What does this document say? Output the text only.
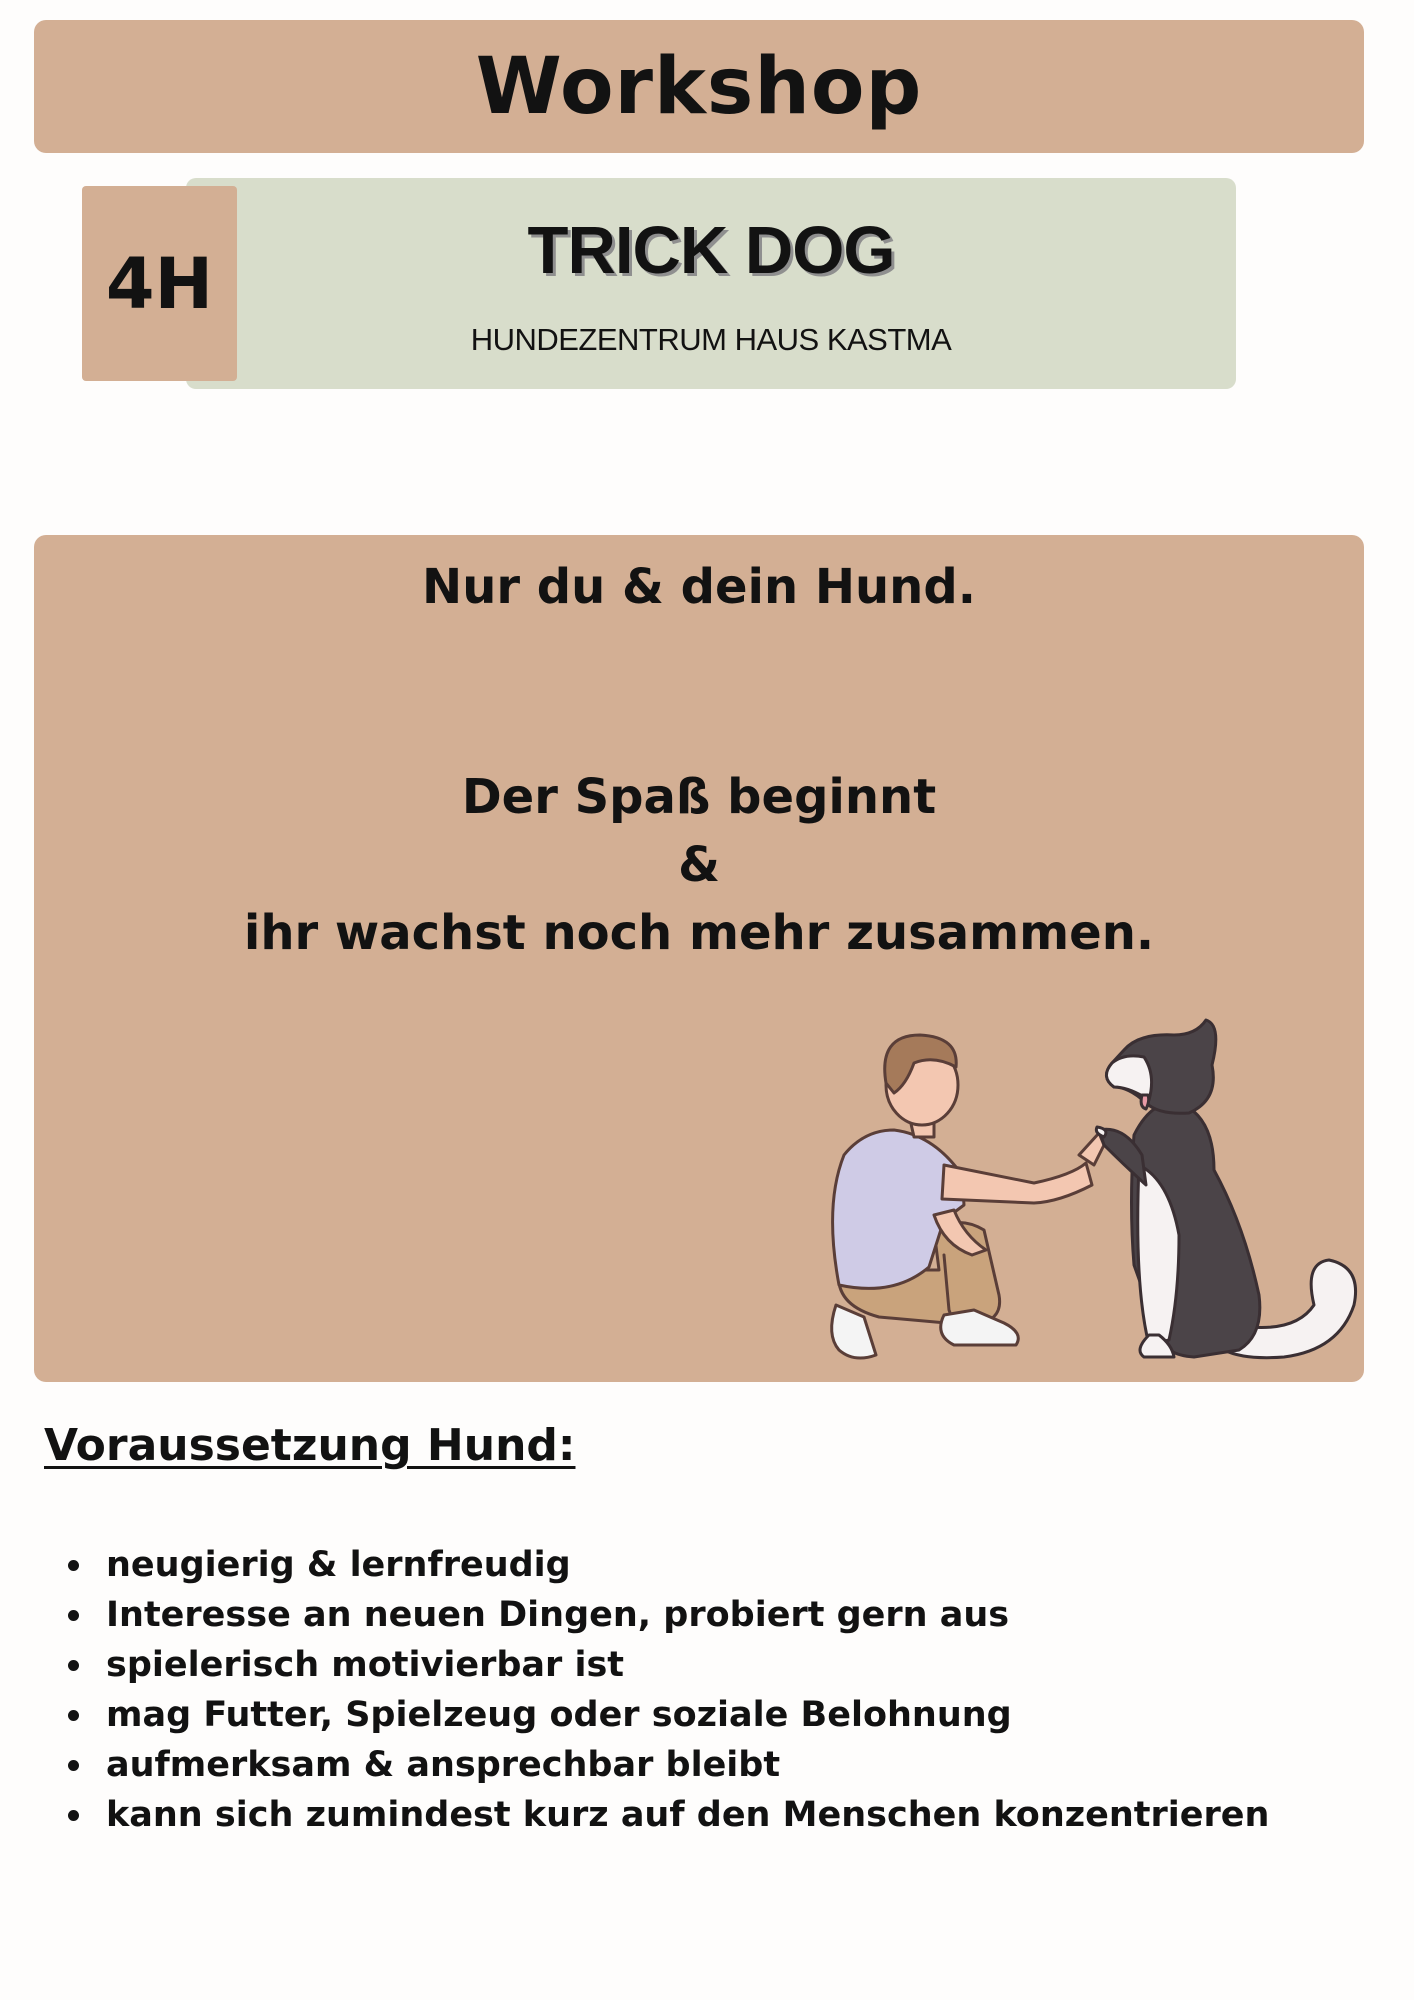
Workshop
TRICK DOG
HUNDEZENTRUM HAUS KASTMA
4H
Nur du & dein Hund.
Der Spaß beginnt
&
ihr wachst noch mehr zusammen.
Voraussetzung Hund:
neugierig & lernfreudig
Interesse an neuen Dingen, probiert gern aus
spielerisch motivierbar ist
mag Futter, Spielzeug oder soziale Belohnung
aufmerksam & ansprechbar bleibt
kann sich zumindest kurz auf den Menschen konzentrieren
